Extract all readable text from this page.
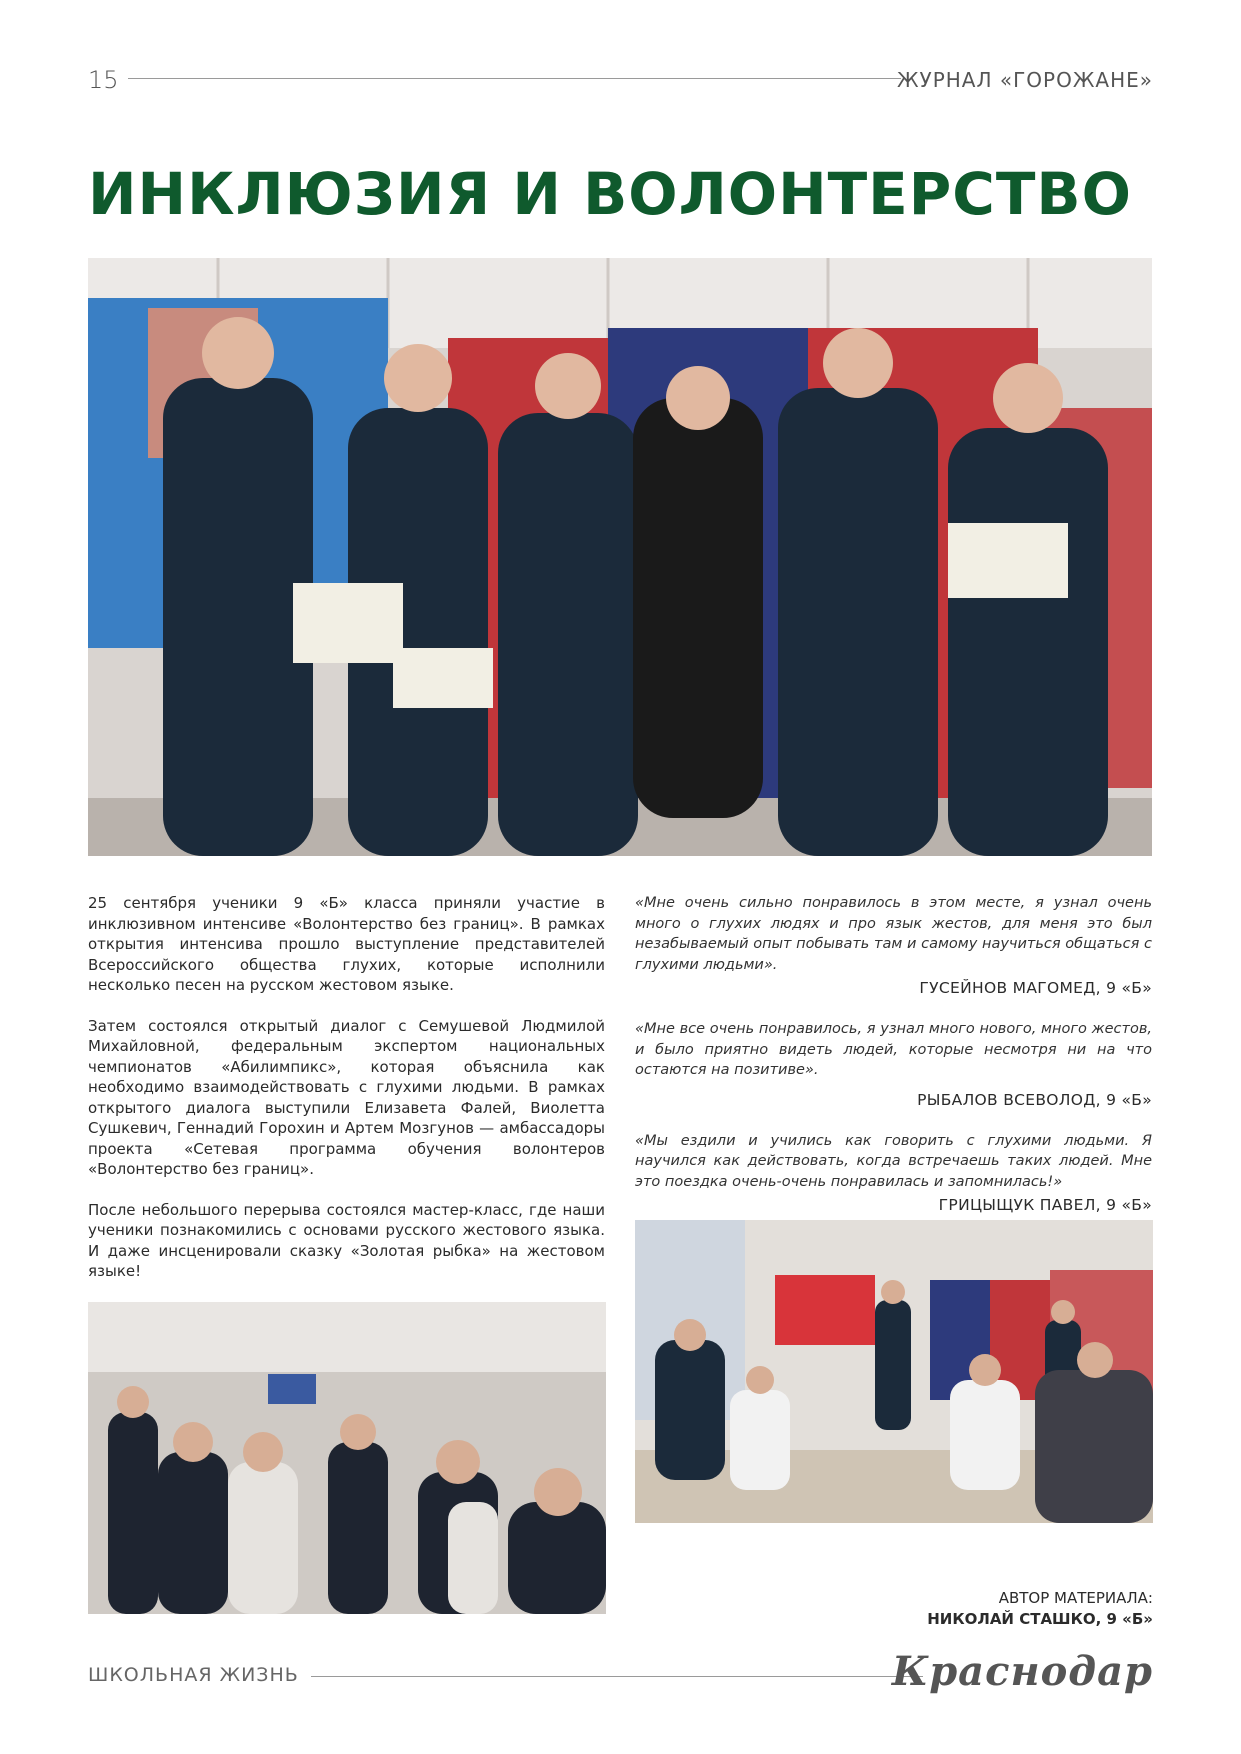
15	ЖУРНАЛ «ГОРОЖАНЕ»
ИНКЛЮЗИЯ И ВОЛОНТЕРСТВО

25 сентября ученики 9 «Б» класса приняли участие в инклюзивном интенсиве «Волонтерство без границ». В рамках открытия интенсива прошло выступление представителей Всероссийского общества глухих, которые исполнили несколько песен на русском жестовом языке.

Затем состоялся открытый диалог с Семушевой Людмилой Михайловной, федеральным экспертом национальных чемпионатов «Абилимпикс», которая объяснила как необходимо взаимодействовать с глухими людьми. В рамках открытого диалога выступили Елизавета Фалей, Виолетта Сушкевич, Геннадий Горохин и Артем Мозгунов — амбассадоры проекта «Сетевая программа обучения волонтеров «Волонтерство без границ».

После небольшого перерыва состоялся мастер-класс, где наши ученики познакомились с основами русского жестового языка. И даже инсценировали сказку «Золотая рыбка» на жестовом языке!

«Мне очень сильно понравилось в этом месте, я узнал очень много о глухих людях и про язык жестов, для меня это был незабываемый опыт побывать там и самому научиться общаться с глухими людьми».

ГУСЕЙНОВ МАГОМЕД, 9 «Б»

«Мне все очень понравилось, я узнал много нового, много жестов, и было приятно видеть людей, которые несмотря ни на что остаются на позитиве».

РЫБАЛОВ ВСЕВОЛОД, 9 «Б»

«Мы ездили и учились как говорить с глухими людьми. Я научился как действовать, когда встречаешь таких людей. Мне это поездка очень-очень понравилась и запомнилась!»

ГРИЦЫЩУК ПАВЕЛ, 9 «Б»
АВТОР МАТЕРИАЛА:
НИКОЛАЙ СТАШКО, 9 «Б»
ШКОЛЬНАЯ ЖИЗНЬ	Краснодар
